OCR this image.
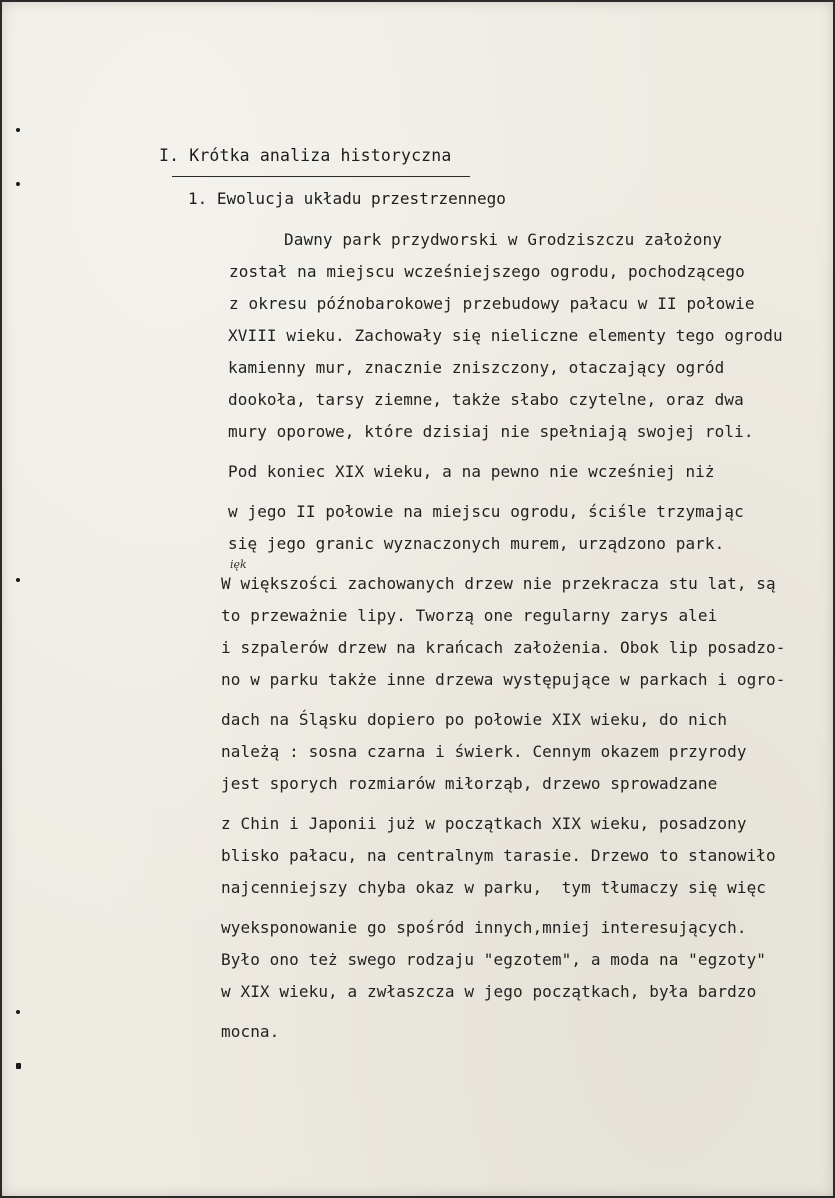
I. Krótka analiza historyczna
1. Ewolucja układu przestrzennego
ięk
Dawny park przydworski w Grodziszczu założony
został na miejscu wcześniejszego ogrodu, pochodzącego
z okresu późnobarokowej przebudowy pałacu w II połowie
XVIII wieku. Zachowały się nieliczne elementy tego ogrodu
kamienny mur, znacznie zniszczony, otaczający ogród
dookoła, tarsy ziemne, także słabo czytelne, oraz dwa
mury oporowe, które dzisiaj nie spełniają swojej roli.
Pod koniec XIX wieku, a na pewno nie wcześniej niż
w jego II połowie na miejscu ogrodu, ściśle trzymając
się jego granic wyznaczonych murem, urządzono park.
W większości zachowanych drzew nie przekracza stu lat, są
to przeważnie lipy. Tworzą one regularny zarys alei
i szpalerów drzew na krańcach założenia. Obok lip posadzo-
no w parku także inne drzewa występujące w parkach i ogro-
dach na Śląsku dopiero po połowie XIX wieku, do nich
należą : sosna czarna i świerk. Cennym okazem przyrody
jest sporych rozmiarów miłorząb, drzewo sprowadzane
z Chin i Japonii już w początkach XIX wieku, posadzony
blisko pałacu, na centralnym tarasie. Drzewo to stanowiło
najcenniejszy chyba okaz w parku,  tym tłumaczy się więc
wyeksponowanie go spośród innych,mniej interesujących.
Było ono też swego rodzaju "egzotem", a moda na "egzoty"
w XIX wieku, a zwłaszcza w jego początkach, była bardzo
mocna.
